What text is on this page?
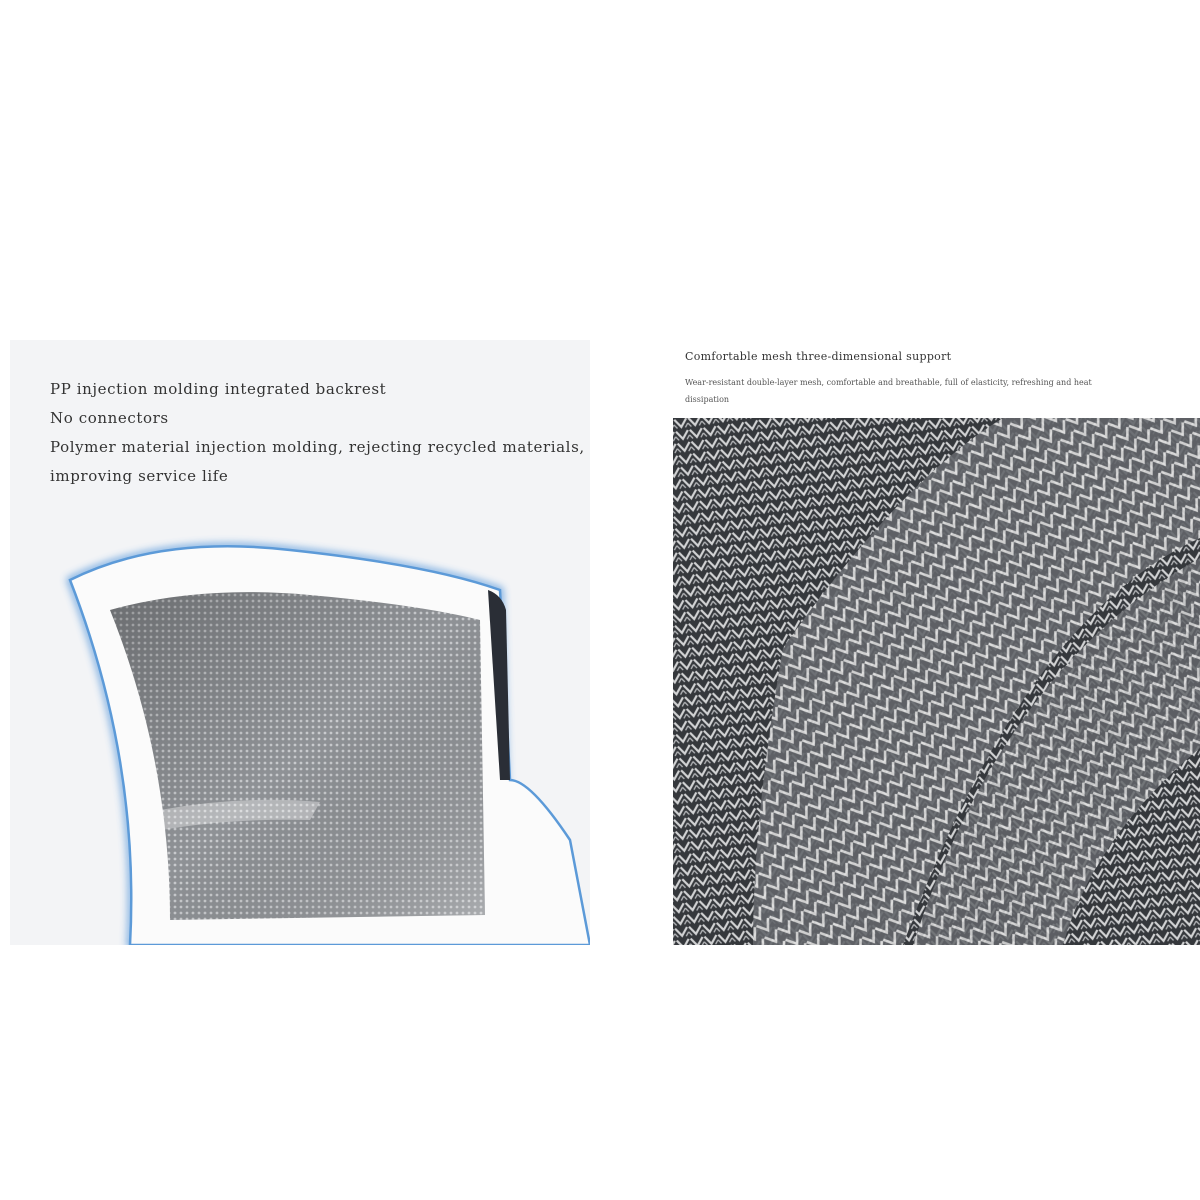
PP injection molding integrated backrest
No connectors
Polymer material injection molding, rejecting recycled materials,
improving service life
Comfortable mesh three-dimensional support
Wear-resistant double-layer mesh, comfortable and breathable, full of elasticity, refreshing and heat dissipation
